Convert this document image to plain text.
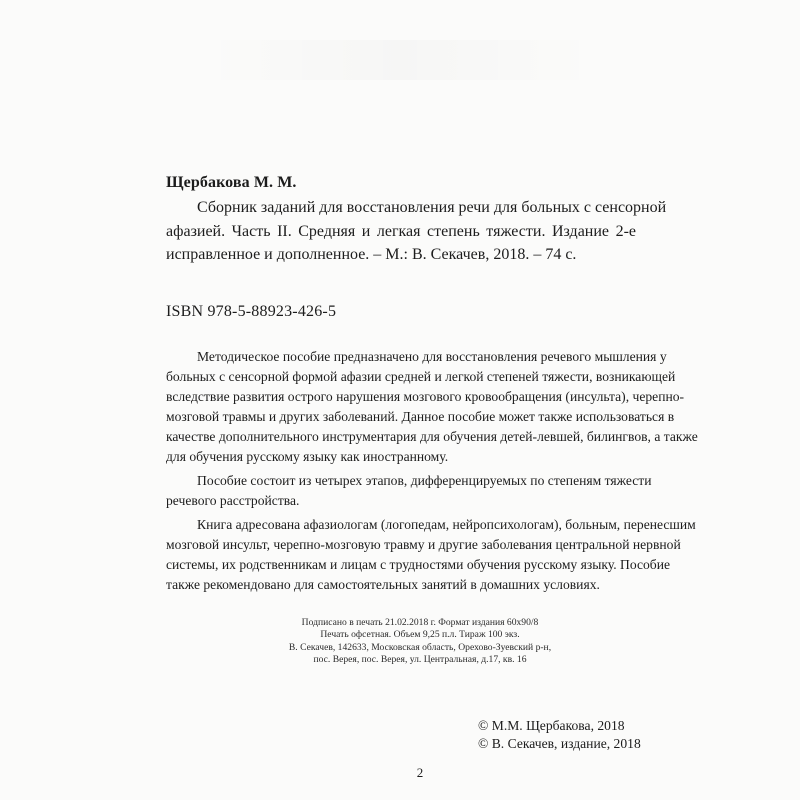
Щербакова М. М.
Сборник заданий для восстановления речи для больных с сенсорной
афазией. Часть II. Средняя и легкая степень тяжести. Издание 2-е
исправленное и дополненное. – М.: В. Секачев, 2018. – 74 с.
ISBN 978-5-88923-426-5
Методическое пособие предназначено для восстановления речевого мышления у
больных с сенсорной формой афазии средней и легкой степеней тяжести, возникающей
вследствие развития острого нарушения мозгового кровообращения (инсульта), черепно-
мозговой травмы и других заболеваний. Данное пособие может также использоваться в
качестве дополнительного инструментария для обучения детей-левшей, билингвов, а также
для обучения русскому языку как иностранному.
Пособие состоит из четырех этапов, дифференцируемых по степеням тяжести
речевого расстройства.
Книга адресована афазиологам (логопедам, нейропсихологам), больным, перенесшим
мозговой инсульт, черепно-мозговую травму и другие заболевания центральной нервной
системы, их родственникам и лицам с трудностями обучения русскому языку. Пособие
также рекомендовано для самостоятельных занятий в домашних условиях.
Подписано в печать 21.02.2018 г. Формат издания 60х90/8
Печать офсетная. Объем 9,25 п.л. Тираж 100 экз.
В. Секачев, 142633, Московская область, Орехово-Зуевский р-н,
пос. Верея, пос. Верея, ул. Центральная, д.17, кв. 16
© М.М. Щербакова, 2018
© В. Секачев, издание, 2018
2
